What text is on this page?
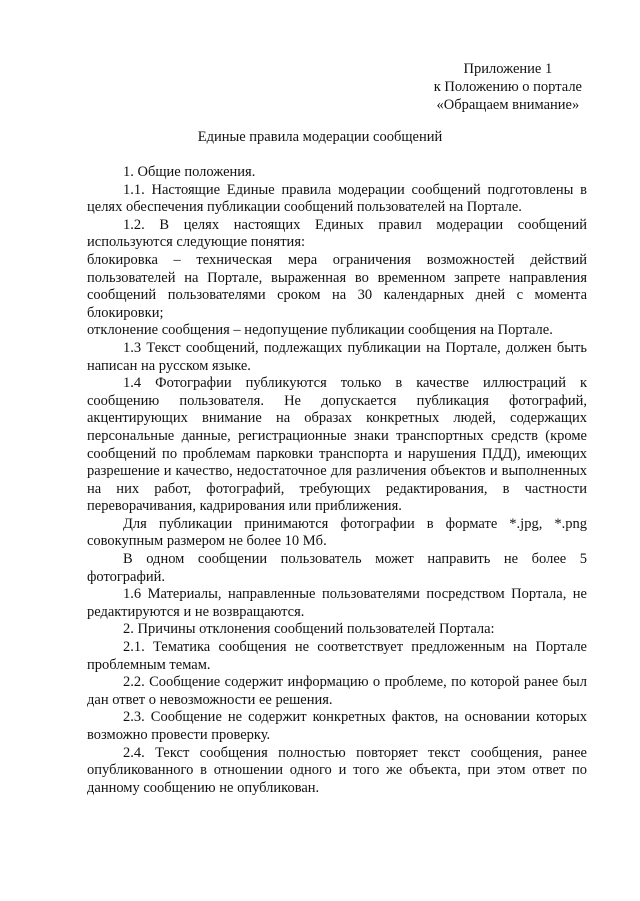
Приложение 1
к Положению о портале
«Обращаем внимание»
Единые правила модерации сообщений

1. Общие положения.

1.1. Настоящие Единые правила модерации сообщений подготовлены в целях обеспечения публикации сообщений пользователей на Портале.

1.2. В целях настоящих Единых правил модерации сообщений используются следующие понятия:

блокировка – техническая мера ограничения возможностей действий пользователей на Портале, выраженная во временном запрете направления сообщений пользователями сроком на 30 календарных дней с момента блокировки;

отклонение сообщения – недопущение публикации сообщения на Портале.

1.3 Текст сообщений, подлежащих публикации на Портале, должен быть написан на русском языке.

1.4 Фотографии публикуются только в качестве иллюстраций к сообщению пользователя. Не допускается публикация фотографий, акцентирующих внимание на образах конкретных людей, содержащих персональные данные, регистрационные знаки транспортных средств (кроме сообщений по проблемам парковки транспорта и нарушения ПДД), имеющих разрешение и качество, недостаточное для различения объектов и выполненных на них работ, фотографий, требующих редактирования, в частности переворачивания, кадрирования или приближения.

Для публикации принимаются фотографии в формате *.jpg, *.png совокупным размером не более 10 Мб.

В одном сообщении пользователь может направить не более 5 фотографий.

1.6 Материалы, направленные пользователями посредством Портала, не редактируются и не возвращаются.

2. Причины отклонения сообщений пользователей Портала:

2.1. Тематика сообщения не соответствует предложенным на Портале проблемным темам.

2.2. Сообщение содержит информацию о проблеме, по которой ранее был дан ответ о невозможности ее решения.

2.3. Сообщение не содержит конкретных фактов, на основании которых возможно провести проверку.

2.4. Текст сообщения полностью повторяет текст сообщения, ранее опубликованного в отношении одного и того же объекта, при этом ответ по данному сообщению не опубликован.
